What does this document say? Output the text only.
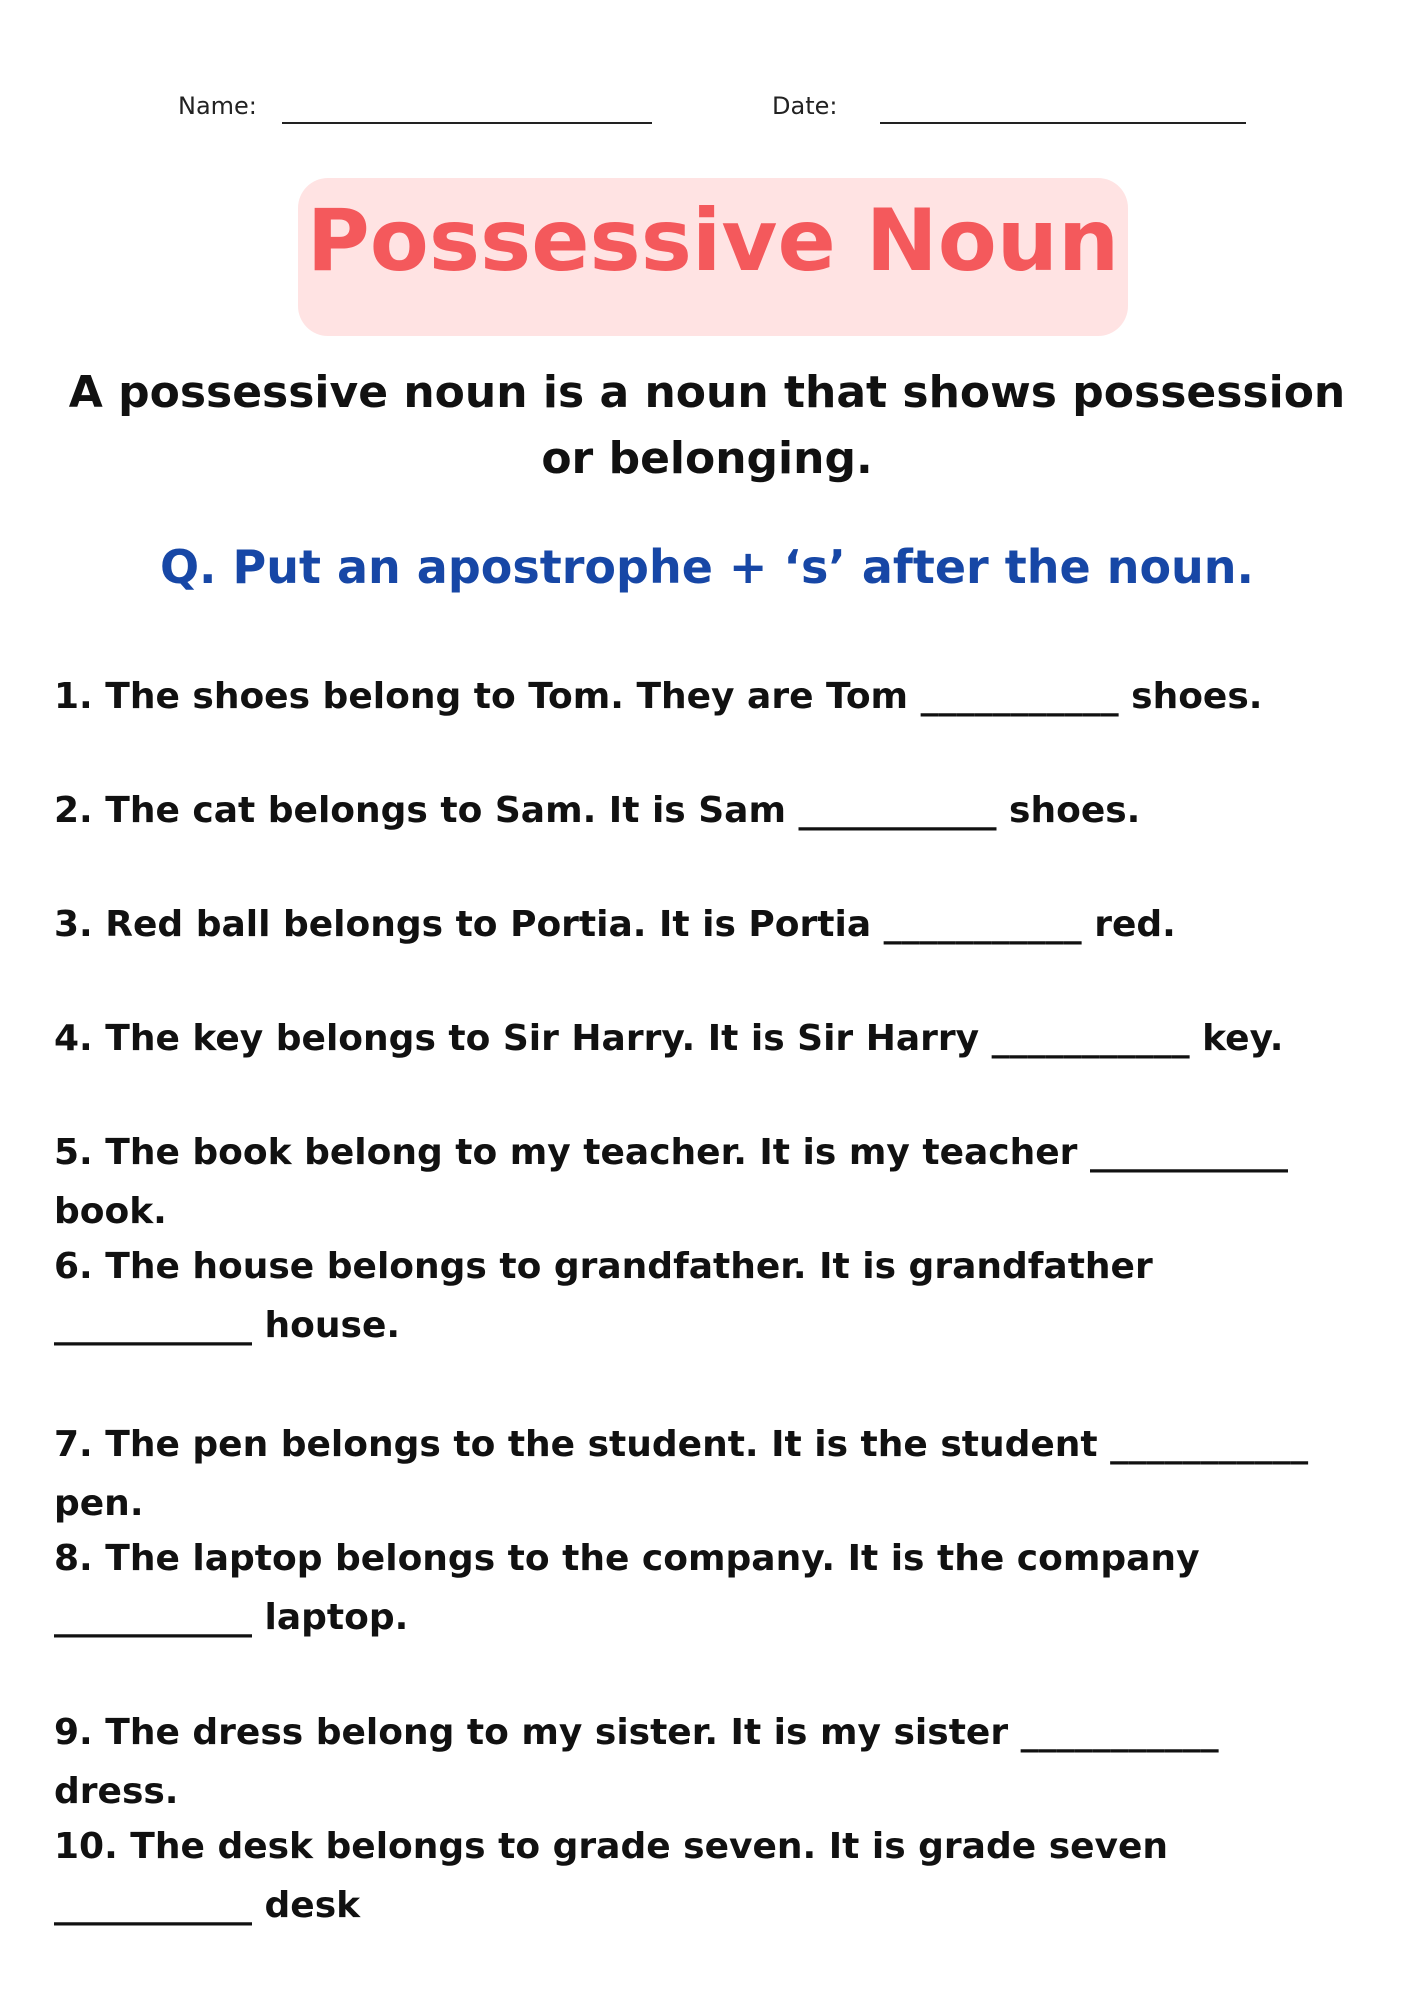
Name:	Date:
Possessive Noun
A possessive noun is a noun that shows possession or belonging.
Q. Put an apostrophe + ‘s’ after the noun.
1. The shoes belong to Tom. They are Tom ___________ shoes.
2. The cat belongs to Sam. It is Sam ___________ shoes.
3. Red ball belongs to Portia. It is Portia ___________ red.
4. The key belongs to Sir Harry. It is Sir Harry ___________ key.
5. The book belong to my teacher. It is my teacher ___________ book.
6. The house belongs to grandfather. It is grandfather ___________ house.
7. The pen belongs to the student. It is the student ___________ pen.
8. The laptop belongs to the company. It is the company ___________ laptop.
9. The dress belong to my sister. It is my sister ___________ dress.
10. The desk belongs to grade seven. It is grade seven ___________ desk
